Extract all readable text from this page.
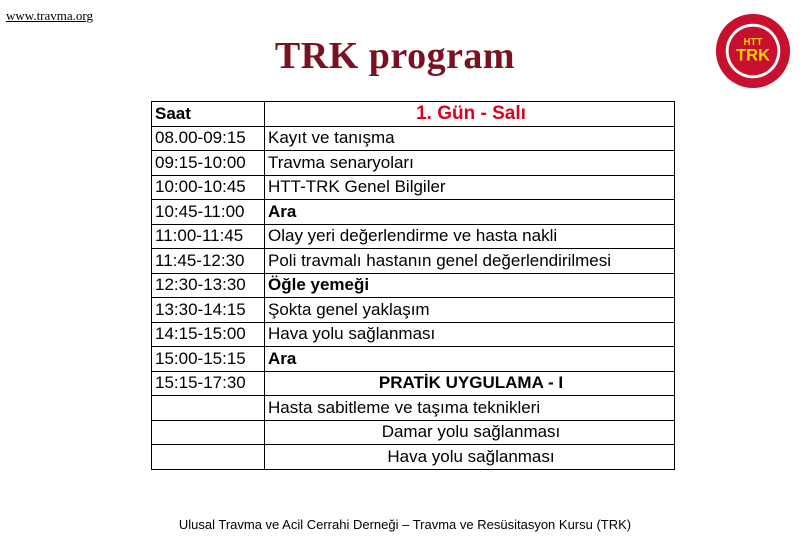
www.travma.org
TRK program	HTT
TRK
Saat	1. Gün - Salı
08.00-09:15	Kayıt ve tanışma
09:15-10:00	Travma senaryoları
10:00-10:45	HTT-TRK Genel Bilgiler
10:45-11:00	Ara
11:00-11:45	Olay yeri değerlendirme ve hasta nakli
11:45-12:30	Poli travmalı hastanın genel değerlendirilmesi
12:30-13:30	Öğle yemeği
13:30-14:15	Şokta genel yaklaşım
14:15-15:00	Hava yolu sağlanması
15:00-15:15	Ara
15:15-17:30	PRATİK UYGULAMA - I
	Hasta sabitleme ve taşıma teknikleri
	Damar yolu sağlanması
	Hava yolu sağlanması
Ulusal Travma ve Acil Cerrahi Derneği – Travma ve Resüsitasyon Kursu (TRK)
